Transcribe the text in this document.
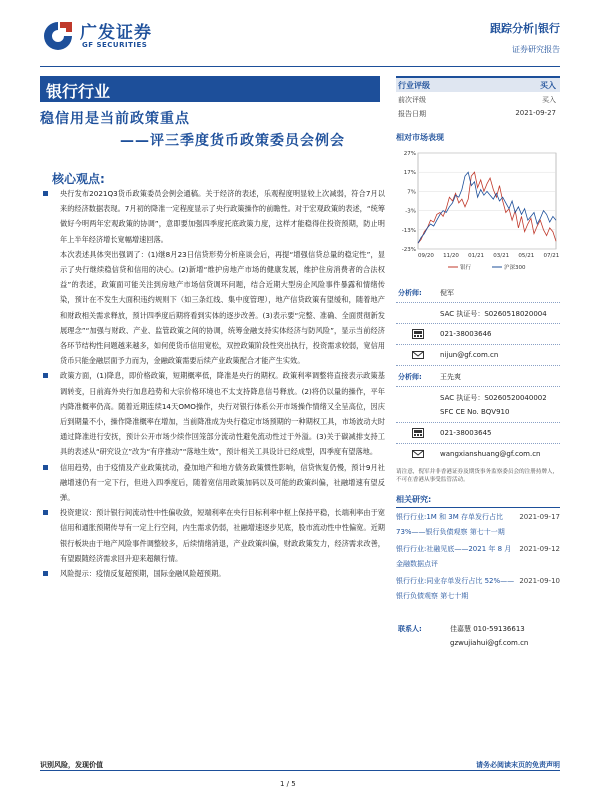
广发证券
GF SECURITIES
跟踪分析|银行
证券研究报告
银行行业
稳信用是当前政策重点
——评三季度货币政策委员会例会
核心观点:
央行发布2021Q3货币政策委员会例会通稿。关于经济的表述，乐观程度明显较上次减弱，符合7月以来的经济数据表现。7月初的降准一定程度显示了央行政策操作的前瞻性。对于宏观政策的表述，“统筹做好今明两年宏观政策的协调”，意即要加强四季度托底政策力度，这样才能稳得住投资预期，防止明年上半年经济增长宽幅增速回落。
本次表述具体突出强调了：(1)继8月23日信贷形势分析座谈会后，再提“增强信贷总量的稳定性”，显示了央行继续稳信贷和信用的决心。(2)新增“维护房地产市场的健康发展，维护住房消费者的合法权益”的表述，政策面可能关注到房地产市场信贷调环问题，结合近期大型房企风险事件暴露和情绪传染，预计在不发生大面积违约规则下（如三条红线、集中度管理），地产信贷政策有望缓和，随着地产和财政相关需求释放，预计四季度后期将看到实体的逐步改善。(3)表示要“完整、准确、全面贯彻新发展理念”“加强与财政、产业、监管政策之间的协调，统筹金融支持实体经济与防风险”，显示当前经济各环节结构性问题越来越多，如何使货币信用宽松，双控政策阶段性突出执行，投资需求较弱，宽信用货币只能金融层面予力而为，金融政策需要后续产业政策配合才能产生实效。
政策方面，(1)降息，即价格政策，短期概率低，降准是央行的期权。政策利率调整将直接表示政策基调转变，日前海外央行加息趋势和大宗价格环境也不太支持降息信号释放。(2)将仍以量的操作，平年内降准概率仍高。随着近期连续14天OMO操作，央行对银行体系公开市场操作情绪又全呈高位，因庆后到期量不小，操作降准概率在增加，当前降准成为央行稳定市场预期的一种期权工具，市场波动大时通过降准进行安抚，预计公开市场少续作回笼部分流动性避免流动性过于外溢。(3)关于碳减排支持工具的表述从“研究设立”改为“有序推动”“落地生效”，预计相关工具设计已经成型，四季度有望落地。
信用趋势，由于疫情及产业政策扰动，叠加地产和地方债务政策惯性影响，信贷恢复仍慢，预计9月社融增速仍有一定下行，但进入四季度后，随着宽信用政策加码以及可能的政策纠偏，社融增速有望反弹。
投资建议：预计银行间流动性中性偏收敛，短端利率在央行目标利率中枢上保持平稳，长端利率由于宽信用和通胀预期传导有一定上行空间，内生需求仍弱，社融增速逐步见底，股市流动性中性偏宽。近期银行板块由于地产风险事件调整较多，后续情绪消退，产业政策纠偏，财政政策发力，经济需求改善，有望跟随经济需求回升迎来超额行情。
风险提示：疫情反复超预期，国际金融风险超预期。
行业评级	买入
前次评级	买入
报告日期	2021-09-27
相对市场表现
27%
17%
7%
-3%
-13%
-23%
09/20 11/20 01/21 03/21 05/21 07/21
银行	沪深300
分析师:	倪军
SAC 执证号：S0260518020004
021-38003646
nijun@gf.com.cn
分析师:	王先爽
SAC 执证号：S0260520040002
SFC CE No. BQV910
021-38003645
wangxianshuang@gf.com.cn
请注意，倪军并非香港证券及期货事务监察委员会的注册持牌人，不可在香港从事受监管活动。
相关研究:
银行行业:1M 和 3M 存单发行占比 73%——银行负债观察 第七十一期
2021-09-17
银行行业:社融见底——2021 年 8 月金融数据点评
2021-09-12
银行行业:同业存单发行占比 52%——银行负债观察 第七十期
2021-09-10
联系人:	佳嘉慧 010-59136613
gzwujiahui@gf.com.cn
识别风险，发现价值	请务必阅读末页的免责声明
1 / 5
